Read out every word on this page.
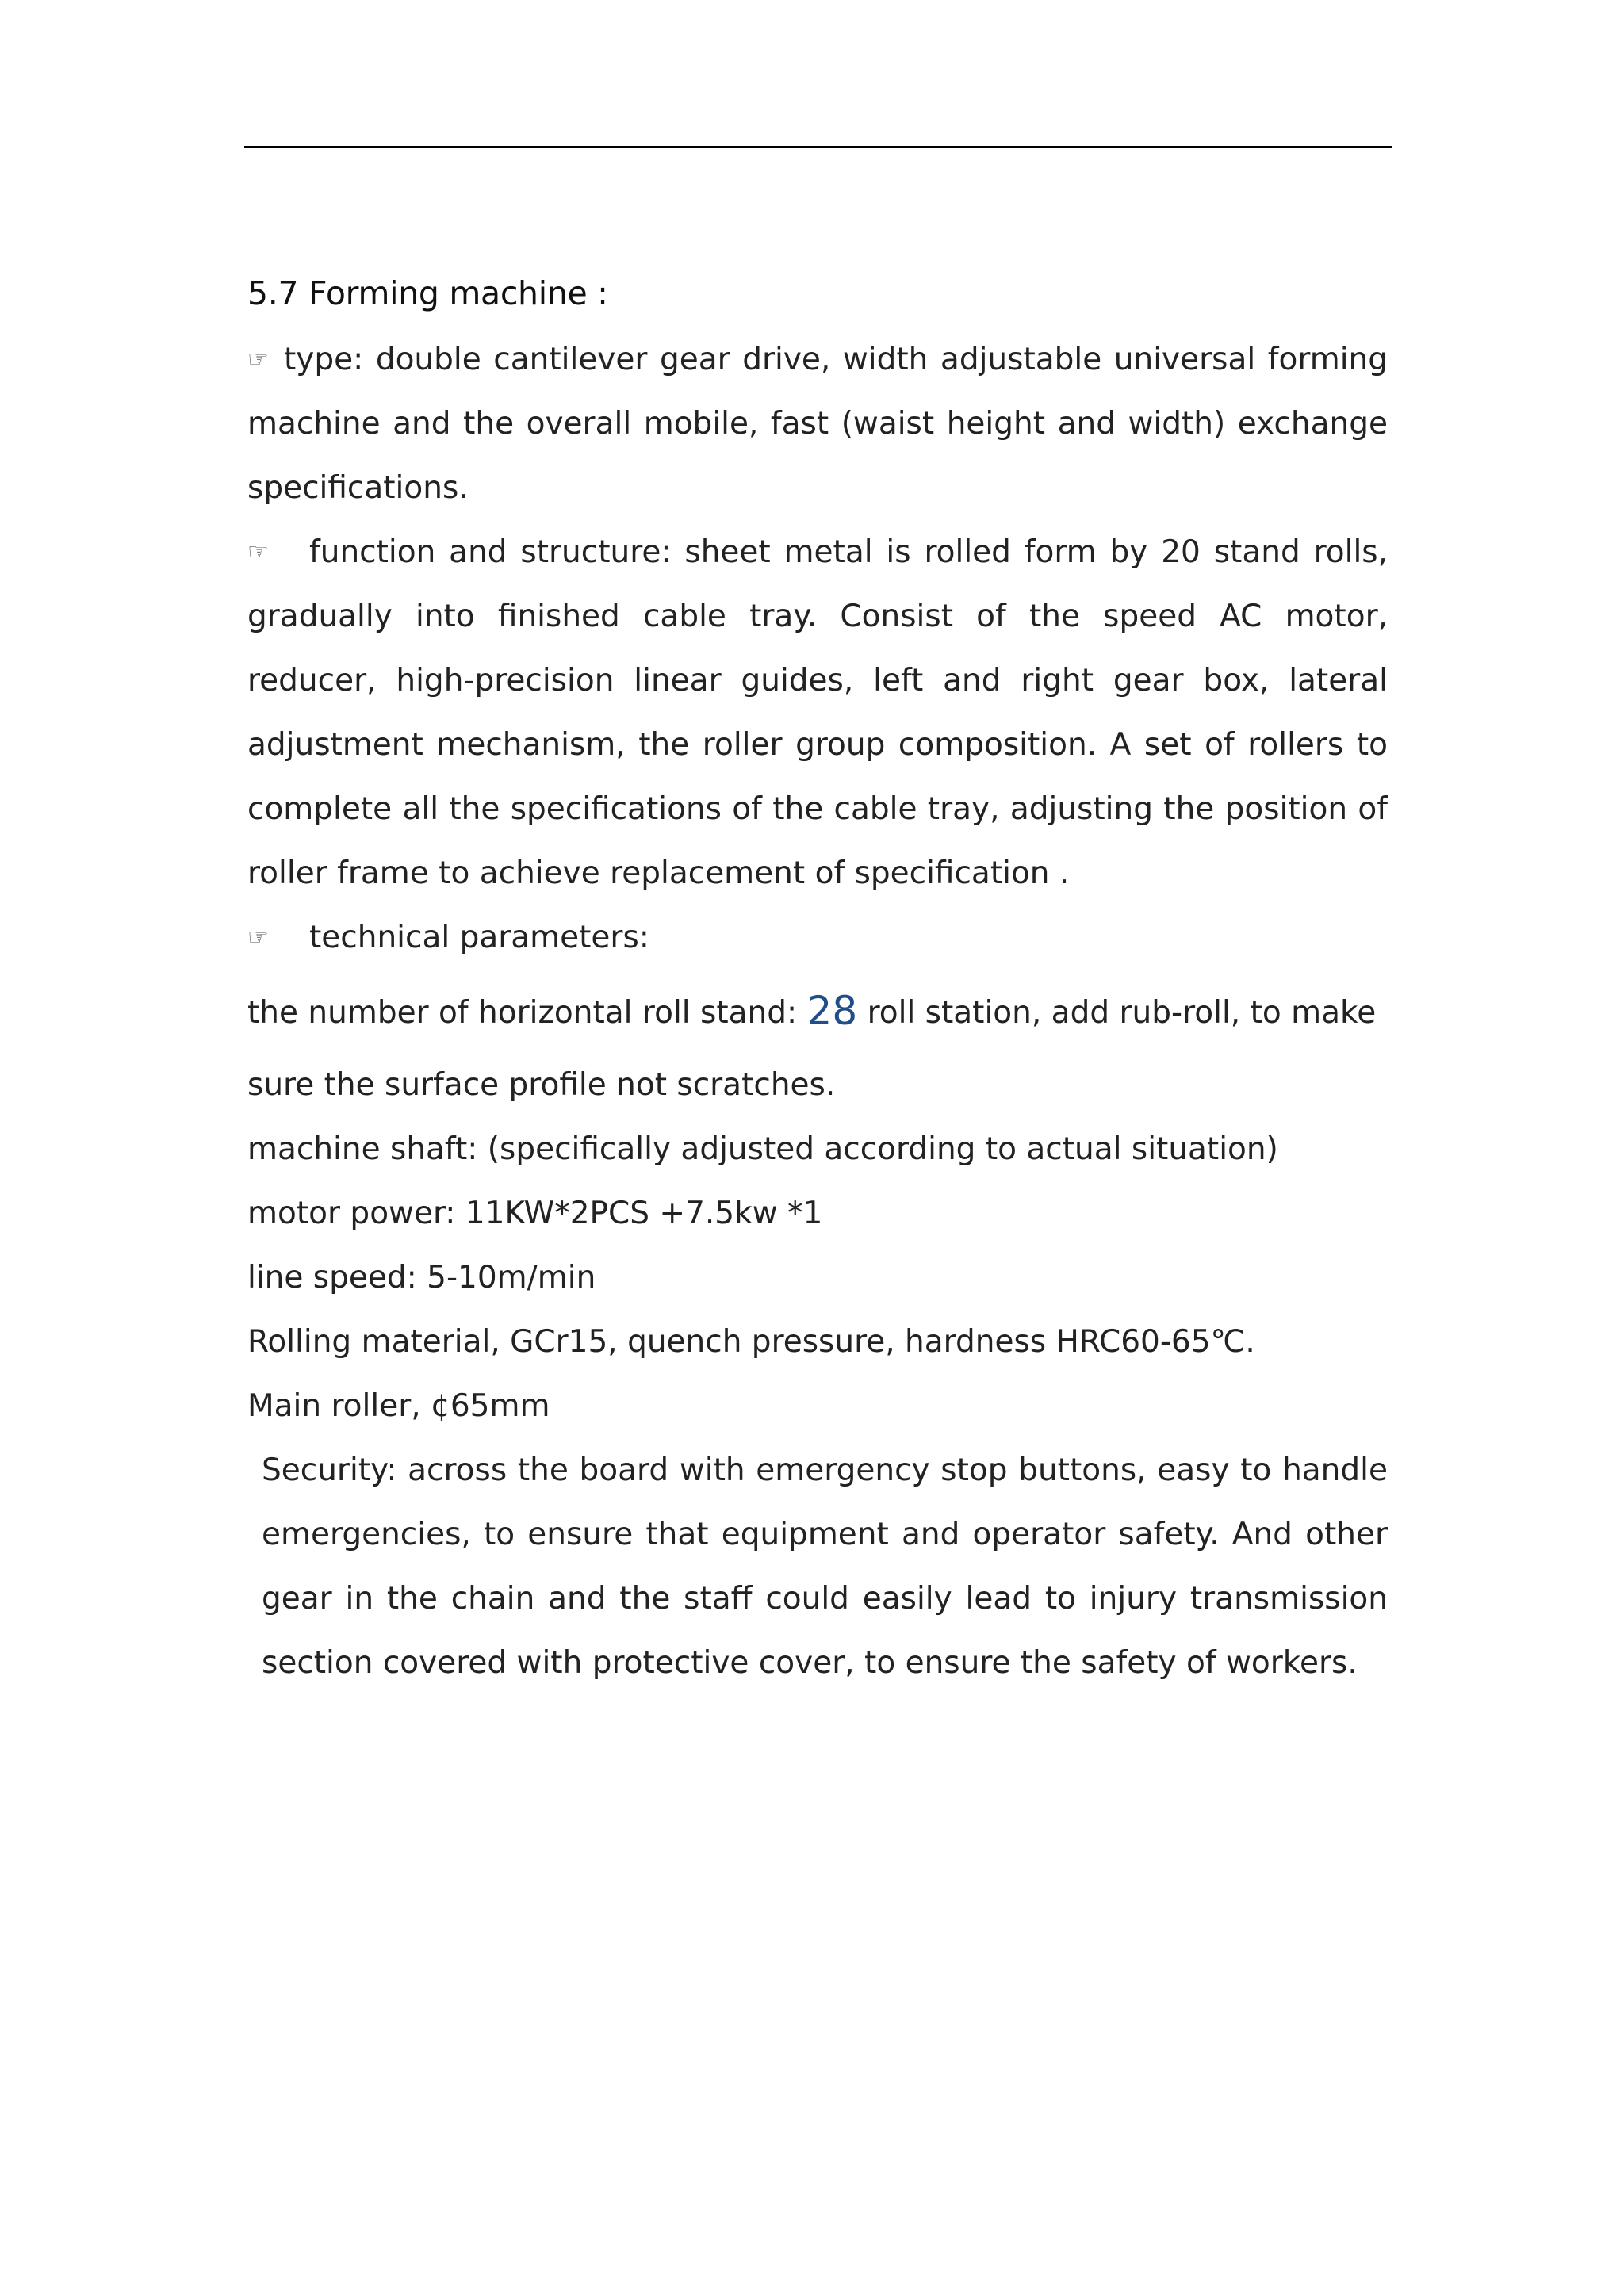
5.7 Forming machine :

☞ type: double cantilever gear drive, width adjustable universal forming machine and the overall mobile, fast (waist height and width) exchange specifications.

☞ function and structure: sheet metal is rolled form by 20 stand rolls, gradually into finished cable tray. Consist of the speed AC motor, reducer, high-precision linear guides, left and right gear box, lateral adjustment mechanism, the roller group composition. A set of rollers to complete all the specifications of the cable tray, adjusting the position of roller frame to achieve replacement of specification .

☞ technical parameters:

the number of horizontal roll stand: 28 roll station, add rub-roll, to make

sure the surface profile not scratches.

machine shaft: (specifically adjusted according to actual situation)

motor power: 11KW*2PCS +7.5kw *1

line speed: 5-10m/min

Rolling material, GCr15, quench pressure, hardness HRC60-65℃.

Main roller, ¢65mm

Security: across the board with emergency stop buttons, easy to handle emergencies, to ensure that equipment and operator safety. And other gear in the chain and the staff could easily lead to injury transmission section covered with protective cover, to ensure the safety of workers.
